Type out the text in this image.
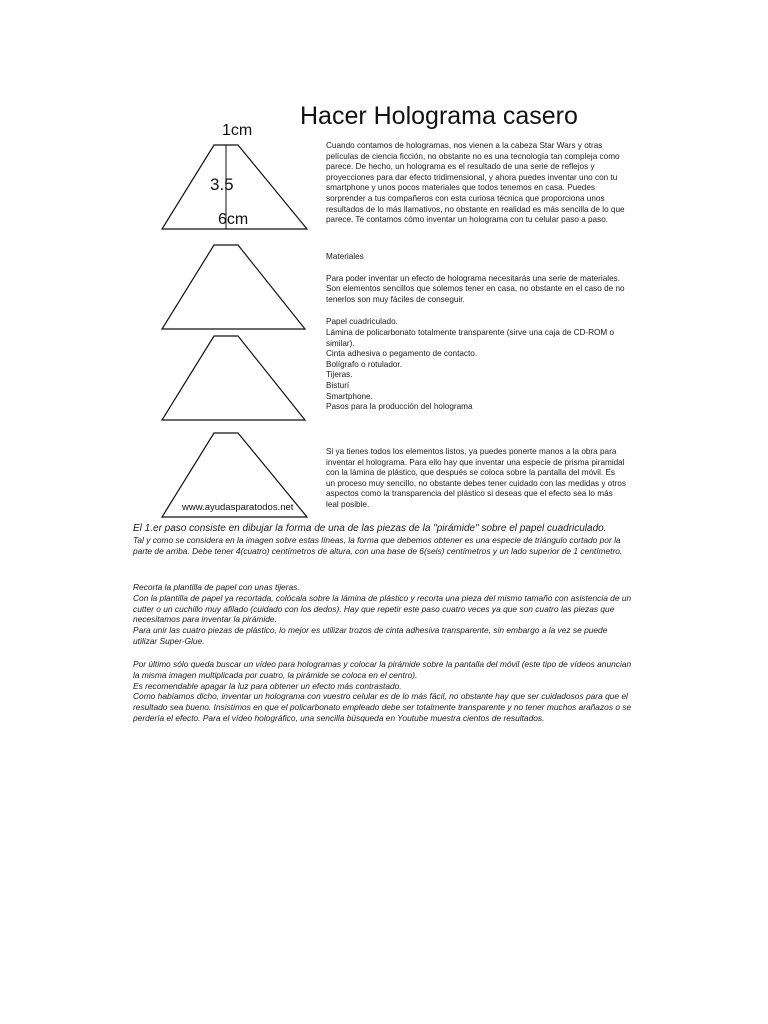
Hacer Holograma casero
1cm
3.5
6cm
www.ayudasparatodos.net

Cuando contamos de hologramas, nos vienen a la cabeza Star Wars y otras películas de ciencia ficción, no obstante no es una tecnología tan compleja como parece. De hecho, un holograma es el resultado de una serie de reflejos y proyecciones para dar efecto tridimensional, y ahora puedes inventar uno con tu smartphone y unos pocos materiales que todos tenemos en casa. Puedes sorprender a tus compañeros con esta curiosa técnica que proporciona unos resultados de lo más llamativos, no obstante en realidad es más sencilla de lo que parece. Te contamos cómo inventar un holograma con tu celular paso a paso.

Materiales

Para poder inventar un efecto de holograma necesitarás una serie de materiales. Son elementos sencillos que solemos tener en casa, no obstante en el caso de no tenerlos son muy fáciles de conseguir.

Papel cuadriculado.
Lámina de policarbonato totalmente transparente (sirve una caja de CD-ROM o similar).
Cinta adhesiva o pegamento de contacto.
Bolígrafo o rotulador.
Tijeras.
Bisturí
Smartphone.
Pasos para la producción del holograma

Si ya tienes todos los elementos listos, ya puedes ponerte manos a la obra para inventar el holograma. Para ello hay que inventar una especie de prisma piramidal con la lámina de plástico, que después se coloca sobre la pantalla del móvil. Es un proceso muy sencillo, no obstante debes tener cuidado con las medidas y otros aspectos como la transparencia del plástico si deseas que el efecto sea lo más leal posible.

El 1.er paso consiste en dibujar la forma de una de las piezas de la "pirámide" sobre el papel cuadriculado.

Tal y como se considera en la imagen sobre estas líneas, la forma que debemos obtener es una especie de triángulo cortado por la parte de arriba. Debe tener 4(cuatro) centímetros de altura, con una base de 6(seis) centímetros y un lado superior de 1 centímetro.

Recorta la plantilla de papel con unas tijeras.

Con la plantilla de papel ya recortada, colócala sobre la lámina de plástico y recorta una pieza del mismo tamaño con asistencia de un cutter o un cuchillo muy afilado (cuidado con los dedos). Hay que repetir este paso cuatro veces ya que son cuatro las piezas que necesitamos para inventar la pirámide.

Para unir las cuatro piezas de plástico, lo mejor es utilizar trozos de cinta adhesiva transparente, sin embargo a la vez se puede utilizar Super-Glue.

Por último sólo queda buscar un vídeo para hologramas y colocar la pirámide sobre la pantalla del móvil (este tipo de vídeos anuncian la misma imagen multiplicada por cuatro, la pirámide se coloca en el centro).

Es recomendable apagar la luz para obtener un efecto más contrastado.

Como habíamos dicho, inventar un holograma con vuestro celular es de lo más fácil, no obstante hay que ser cuidadosos para que el resultado sea bueno. Insistimos en que el policarbonato empleado debe ser totalmente transparente y no tener muchos arañazos o se perdería el efecto. Para el vídeo holográfico, una sencilla búsqueda en Youtube muestra cientos de resultados.
